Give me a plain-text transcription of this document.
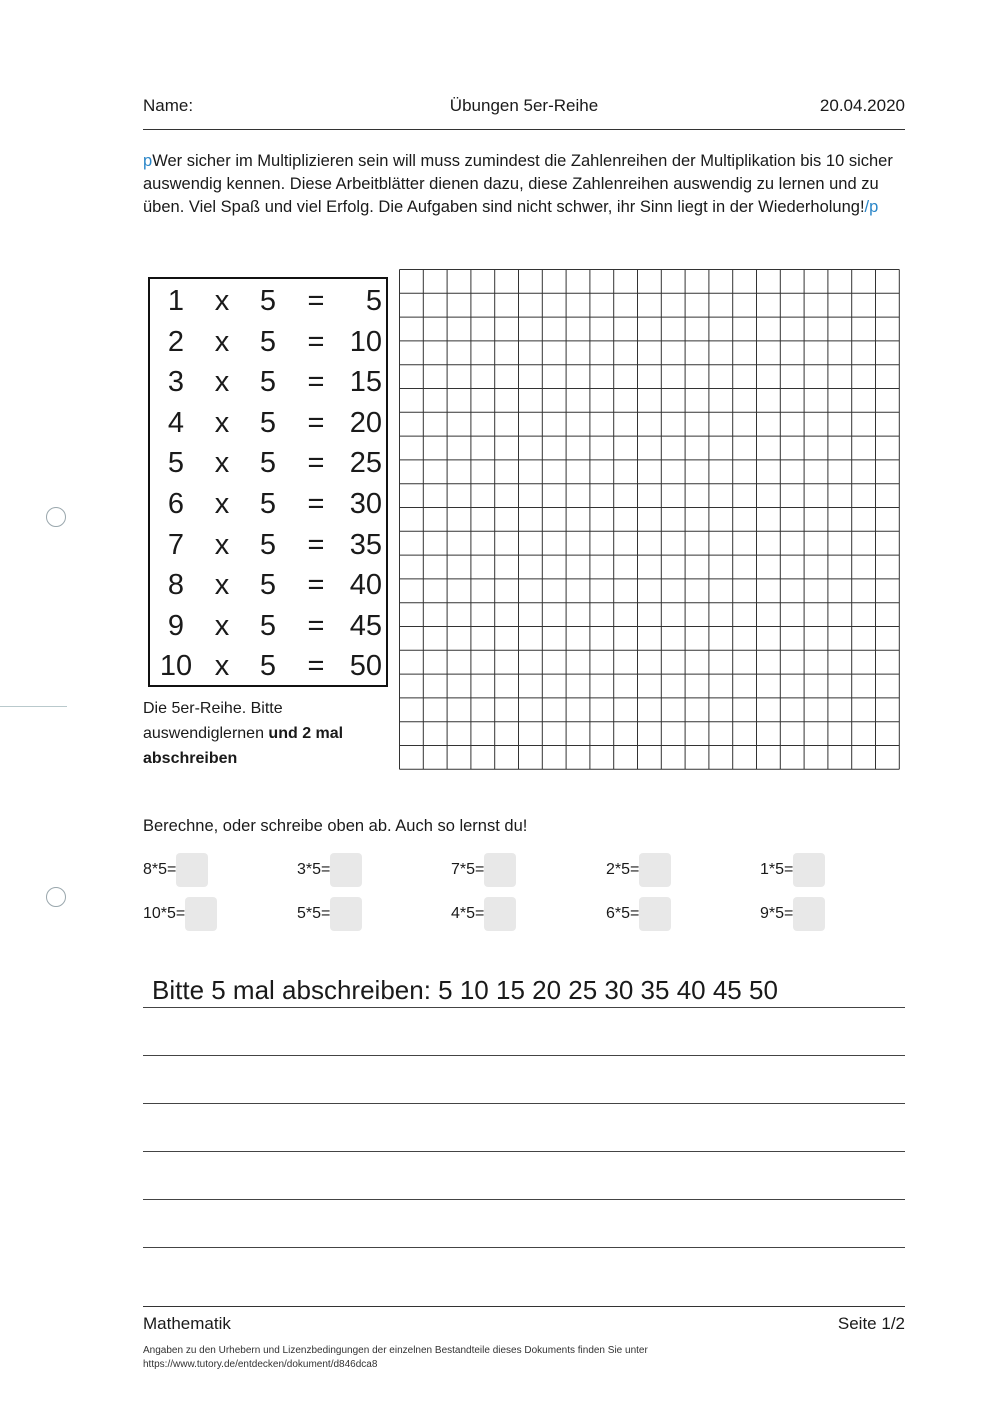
Name:	Übungen 5er-Reihe	20.04.2020
pWer sicher im Multiplizieren sein will muss zumindest die Zahlenreihen der Multiplikation bis 10 sicher auswendig kennen. Diese Arbeitblätter dienen dazu, diese Zahlenreihen auswendig zu lernen und zu üben. Viel Spaß und viel Erfolg. Die Aufgaben sind nicht schwer, ihr Sinn liegt in der Wiederholung!/p
1	x	5	=	5
2	x	5	= 10
3	x	5	= 15
4	x	5	= 20
5	x	5	= 25
6	x	5	= 30
7	x	5	= 35
8	x	5	= 40
9	x	5	= 45
10 x	5	= 50
Die 5er-Reihe. Bitte auswendiglernen und 2 mal abschreiben
Berechne, oder schreibe oben ab. Auch so lernst du!
8*5=	3*5=	7*5=	2*5=	1*5=
10*5=	5*5=	4*5=	6*5=	9*5=
Bitte 5 mal abschreiben: 5 10 15 20 25 30 35 40 45 50
Mathematik	Seite 1/2
Angaben zu den Urhebern und Lizenzbedingungen der einzelnen Bestandteile dieses Dokuments finden Sie unter
https://www.tutory.de/entdecken/dokument/d846dca8
